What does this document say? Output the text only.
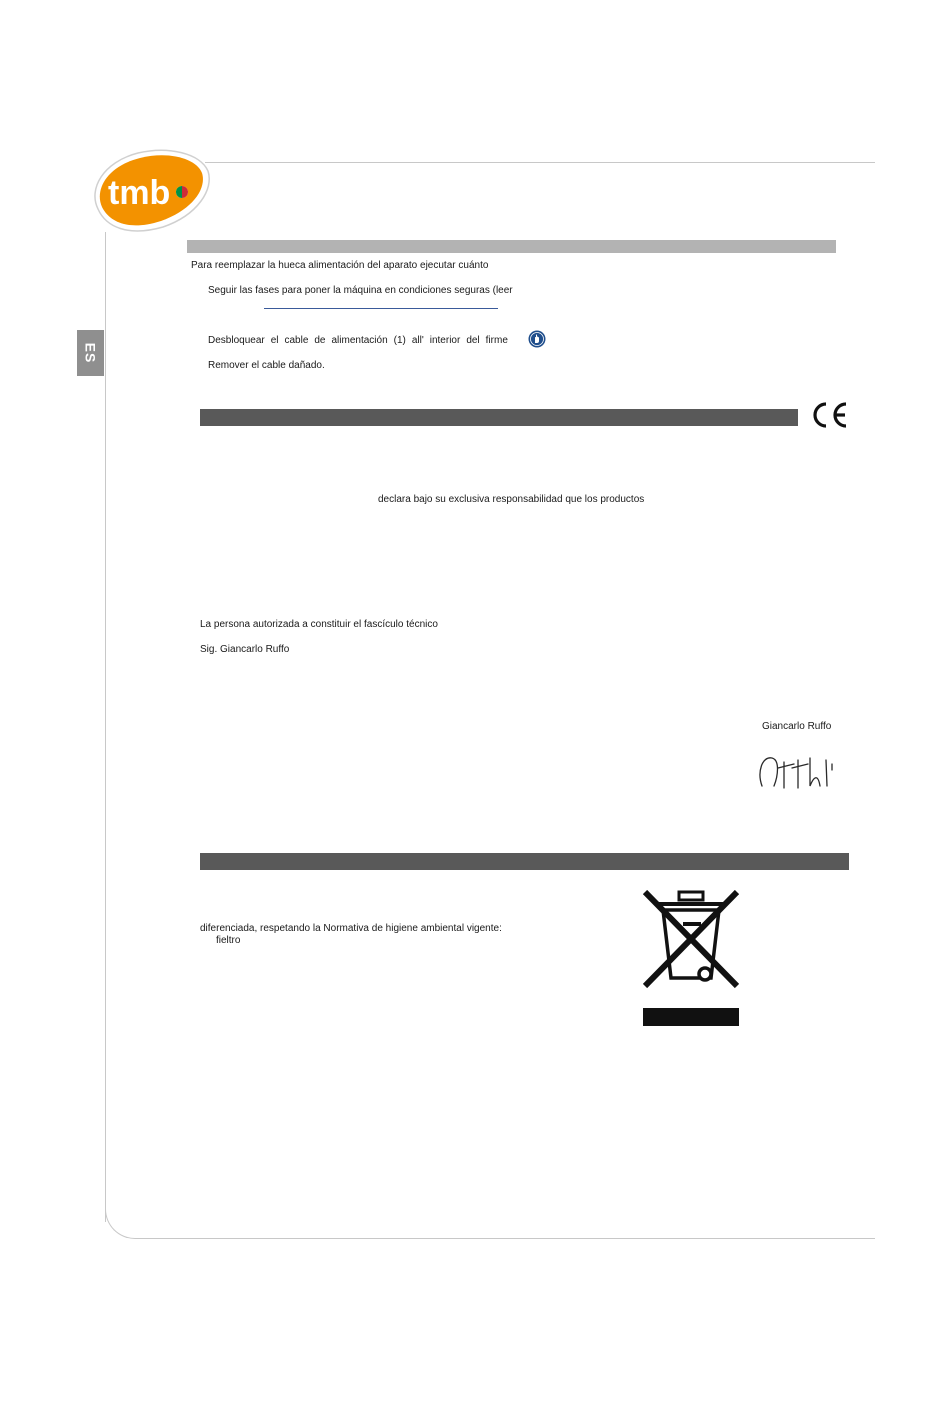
tmb
ES
Para reemplazar la hueca alimentación del aparato ejecutar cuánto
Seguir las fases para poner la máquina en condiciones seguras (leer
Desbloquear el cable de alimentación (1) all' interior del firme
Remover el cable dañado.
declara bajo su exclusiva responsabilidad que los productos
La persona autorizada a constituir el fascículo técnico
Sig. Giancarlo Ruffo
Giancarlo Ruffo
diferenciada, respetando la Normativa de higiene ambiental vigente:
fieltro
